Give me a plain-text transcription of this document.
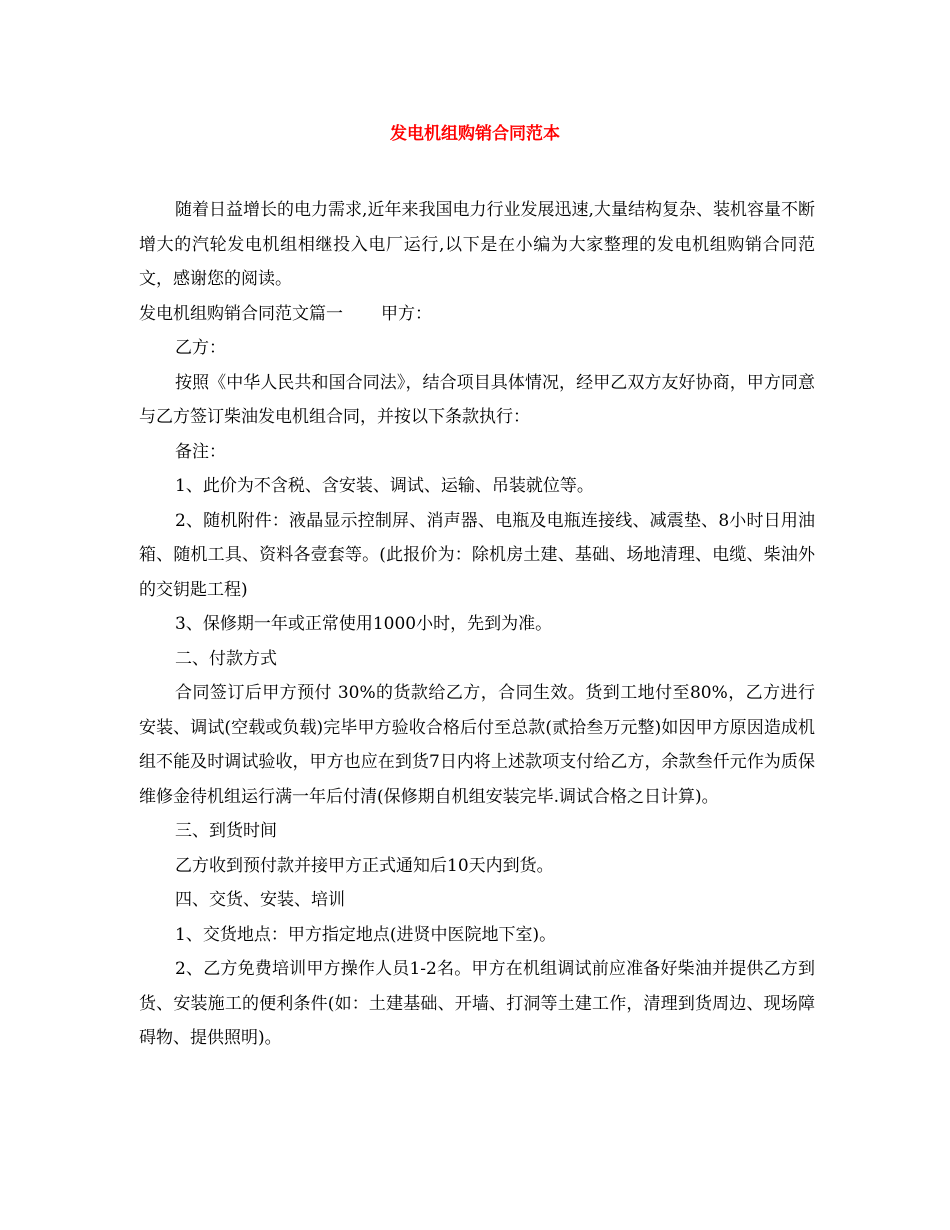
发电机组购销合同范本

随着日益增长的电力需求,近年来我国电力行业发展迅速,大量结构复杂、装机容量不断增大的汽轮发电机组相继投入电厂运行,以下是在小编为大家整理的发电机组购销合同范文，感谢您的阅读。

发电机组购销合同范文篇一 甲方：

乙方：

按照《中华人民共和国合同法》，结合项目具体情况，经甲乙双方友好协商，甲方同意与乙方签订柴油发电机组合同，并按以下条款执行：

备注：

1、此价为不含税、含安装、调试、运输、吊装就位等。

2、随机附件：液晶显示控制屏、消声器、电瓶及电瓶连接线、减震垫、8小时日用油箱、随机工具、资料各壹套等。(此报价为：除机房土建、基础、场地清理、电缆、柴油外的交钥匙工程)

3、保修期一年或正常使用1000小时，先到为准。

二、付款方式

合同签订后甲方预付 30%的货款给乙方，合同生效。货到工地付至80%，乙方进行安装、调试(空载或负载)完毕甲方验收合格后付至总款(贰拾叁万元整)如因甲方原因造成机组不能及时调试验收，甲方也应在到货7日内将上述款项支付给乙方，余款叁仟元作为质保维修金待机组运行满一年后付清(保修期自机组安装完毕.调试合格之日计算)。

三、到货时间

乙方收到预付款并接甲方正式通知后10天内到货。

四、交货、安装、培训

1、交货地点：甲方指定地点(进贤中医院地下室)。

2、乙方免费培训甲方操作人员1-2名。甲方在机组调试前应准备好柴油并提供乙方到货、安装施工的便利条件(如：土建基础、开墙、打洞等土建工作，清理到货周边、现场障碍物、提供照明)。
